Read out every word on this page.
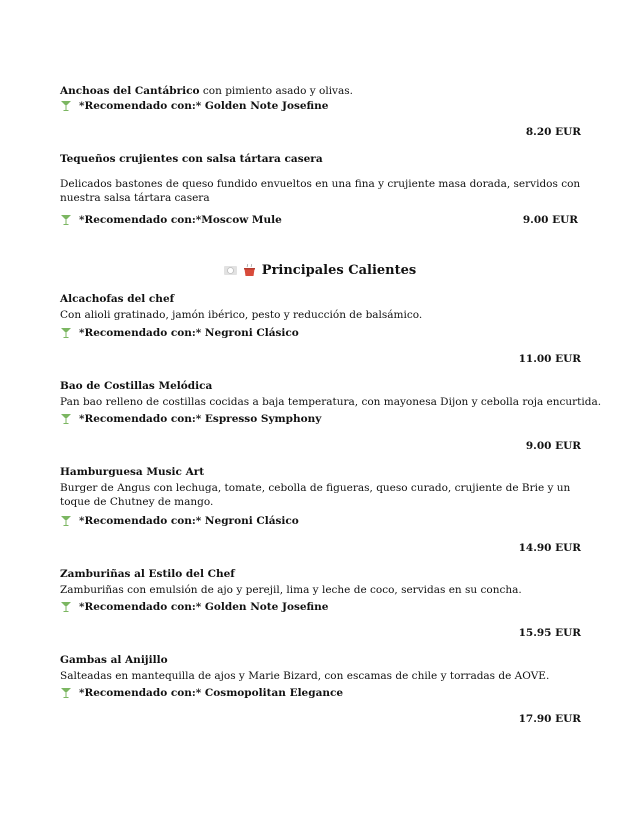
Anchoas del Cantábrico con pimiento asado y olivas.
*Recomendado con:* Golden Note Josefine
8.20 EUR
Tequeños crujientes con salsa tártara casera
Delicados bastones de queso fundido envueltos en una fina y crujiente masa dorada, servidos con nuestra salsa tártara casera
*Recomendado con:*Moscow Mule	9.00 EUR
Principales Calientes
Alcachofas del chef
Con alioli gratinado, jamón ibérico, pesto y reducción de balsámico.
*Recomendado con:* Negroni Clásico
11.00 EUR
Bao de Costillas Melódica
Pan bao relleno de costillas cocidas a baja temperatura, con mayonesa Dijon y cebolla roja encurtida.
*Recomendado con:* Espresso Symphony
9.00 EUR
Hamburguesa Music Art
Burger de Angus con lechuga, tomate, cebolla de figueras, queso curado, crujiente de Brie y un toque de Chutney de mango.
*Recomendado con:* Negroni Clásico
14.90 EUR
Zamburiñas al Estilo del Chef
Zamburiñas con emulsión de ajo y perejil, lima y leche de coco, servidas en su concha.
*Recomendado con:* Golden Note Josefine
15.95 EUR
Gambas al Anijillo
Salteadas en mantequilla de ajos y Marie Bizard, con escamas de chile y torradas de AOVE.
*Recomendado con:* Cosmopolitan Elegance
17.90 EUR
